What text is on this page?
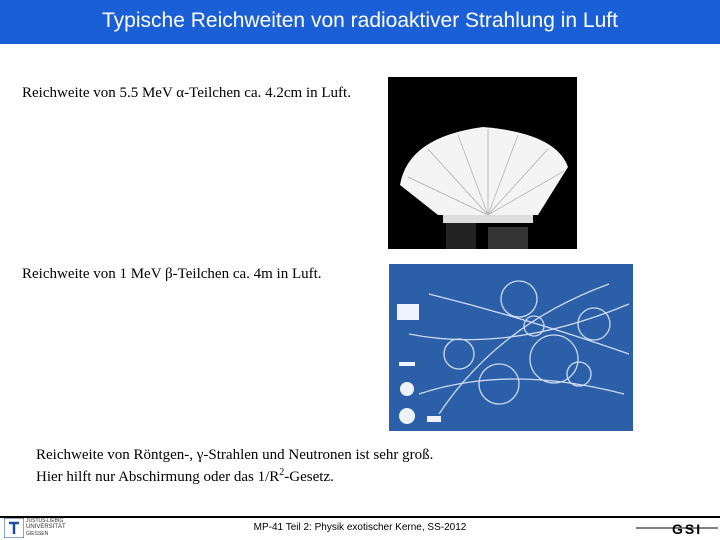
Typische Reichweiten von radioaktiver Strahlung in Luft
Reichweite von 5.5 MeV α-Teilchen ca. 4.2cm in Luft.
Reichweite von 1 MeV β-Teilchen ca. 4m in Luft.
Reichweite von Röntgen-, γ-Strahlen und Neutronen ist sehr groß.
Hier hilft nur Abschirmung oder das $1/R^2$-Gesetz.
JUSTUS-LIEBIG
UNIVERSITÄT
GIESSEN
MP-41 Teil 2: Physik exotischer Kerne, SS-2012	GSI
